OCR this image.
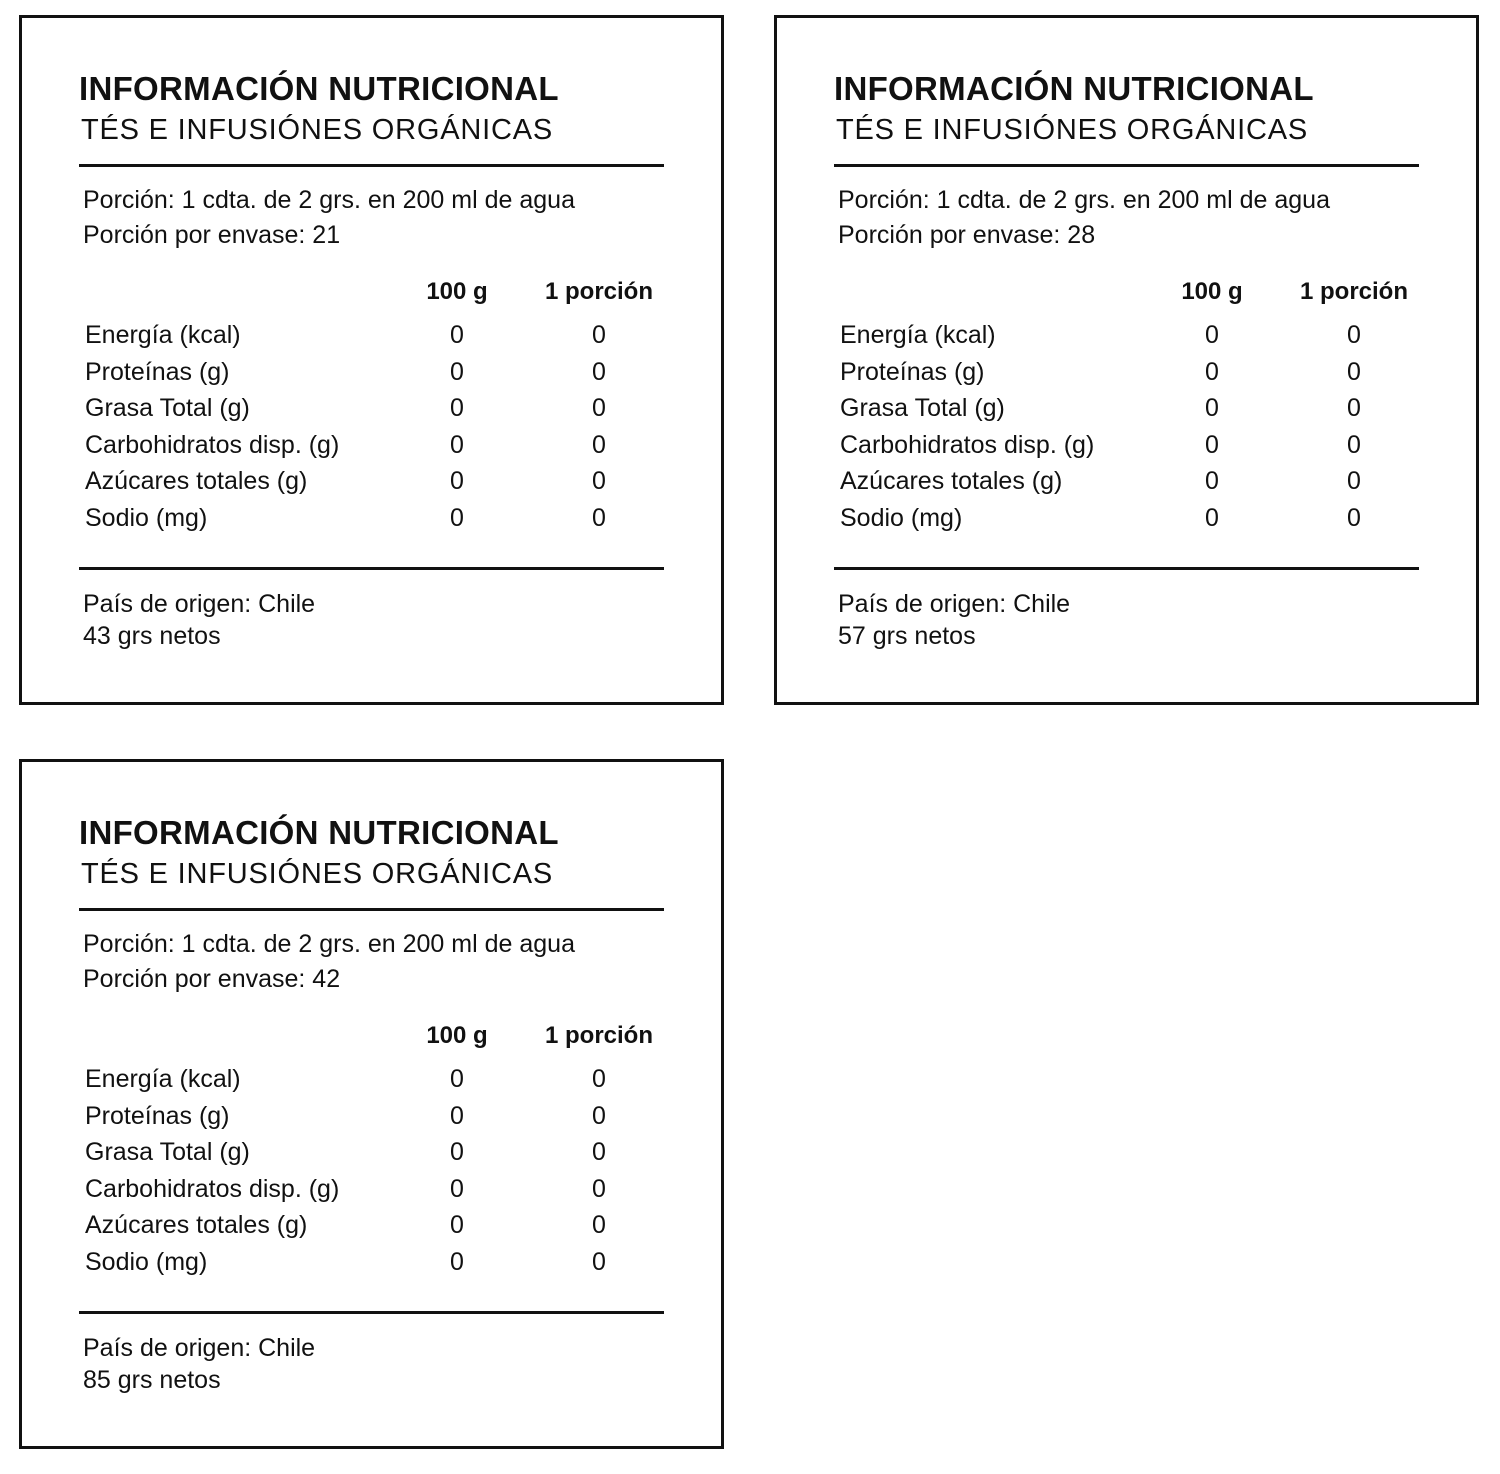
INFORMACIÓN NUTRICIONAL
TÉS E INFUSIÓNES ORGÁNICAS
Porción: 1 cdta. de 2 grs. en 200 ml de agua
Porción por envase: 21
100 g	1 porción
Energía (kcal)	0	0
Proteínas (g)	0	0
Grasa Total (g)	0	0
Carbohidratos disp. (g)	0	0
Azúcares totales (g)	0	0
Sodio (mg)	0	0
País de origen: Chile
43 grs netos
INFORMACIÓN NUTRICIONAL
TÉS E INFUSIÓNES ORGÁNICAS
Porción: 1 cdta. de 2 grs. en 200 ml de agua
Porción por envase: 28
100 g	1 porción
Energía (kcal)	0	0
Proteínas (g)	0	0
Grasa Total (g)	0	0
Carbohidratos disp. (g)	0	0
Azúcares totales (g)	0	0
Sodio (mg)	0	0
País de origen: Chile
57 grs netos
INFORMACIÓN NUTRICIONAL
TÉS E INFUSIÓNES ORGÁNICAS
Porción: 1 cdta. de 2 grs. en 200 ml de agua
Porción por envase: 42
100 g	1 porción
Energía (kcal)	0	0
Proteínas (g)	0	0
Grasa Total (g)	0	0
Carbohidratos disp. (g)	0	0
Azúcares totales (g)	0	0
Sodio (mg)	0	0
País de origen: Chile
85 grs netos
